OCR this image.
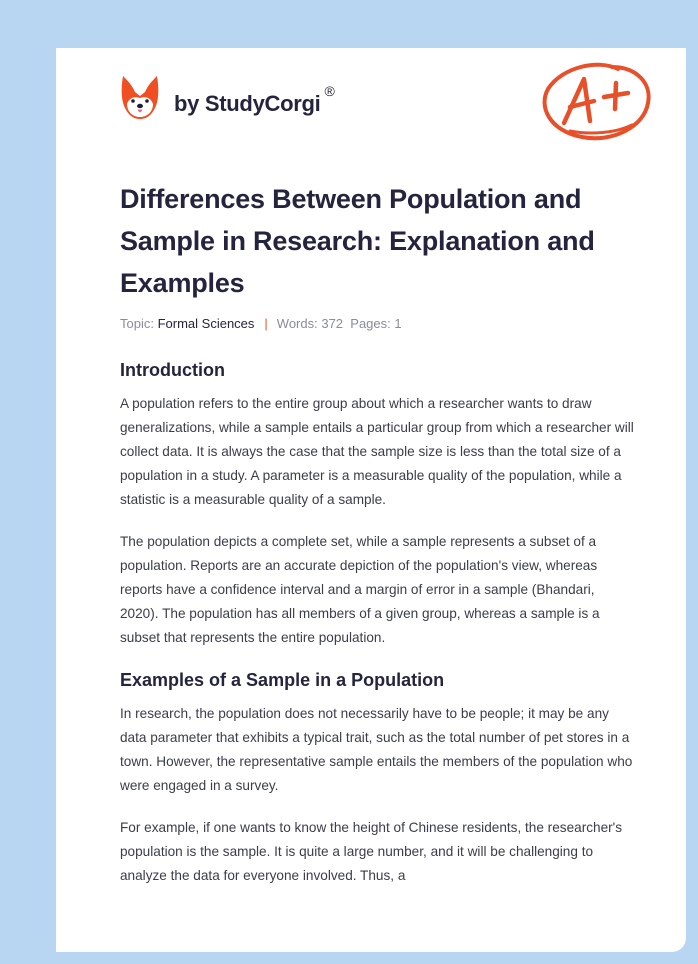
by StudyCorgi ®
Differences Between Population and Sample in Research: Explanation and Examples
Topic: Formal Sciences | Words: 372 Pages: 1
Introduction

A population refers to the entire group about which a researcher wants to draw generalizations, while a sample entails a particular group from which a researcher will collect data. It is always the case that the sample size is less than the total size of a population in a study. A parameter is a measurable quality of the population, while a statistic is a measurable quality of a sample.

The population depicts a complete set, while a sample represents a subset of a population. Reports are an accurate depiction of the population's view, whereas reports have a confidence interval and a margin of error in a sample (Bhandari, 2020). The population has all members of a given group, whereas a sample is a subset that represents the entire population.

Examples of a Sample in a Population

In research, the population does not necessarily have to be people; it may be any data parameter that exhibits a typical trait, such as the total number of pet stores in a town. However, the representative sample entails the members of the population who were engaged in a survey.

For example, if one wants to know the height of Chinese residents, the researcher's population is the sample. It is quite a large number, and it will be challenging to analyze the data for everyone involved. Thus, a
